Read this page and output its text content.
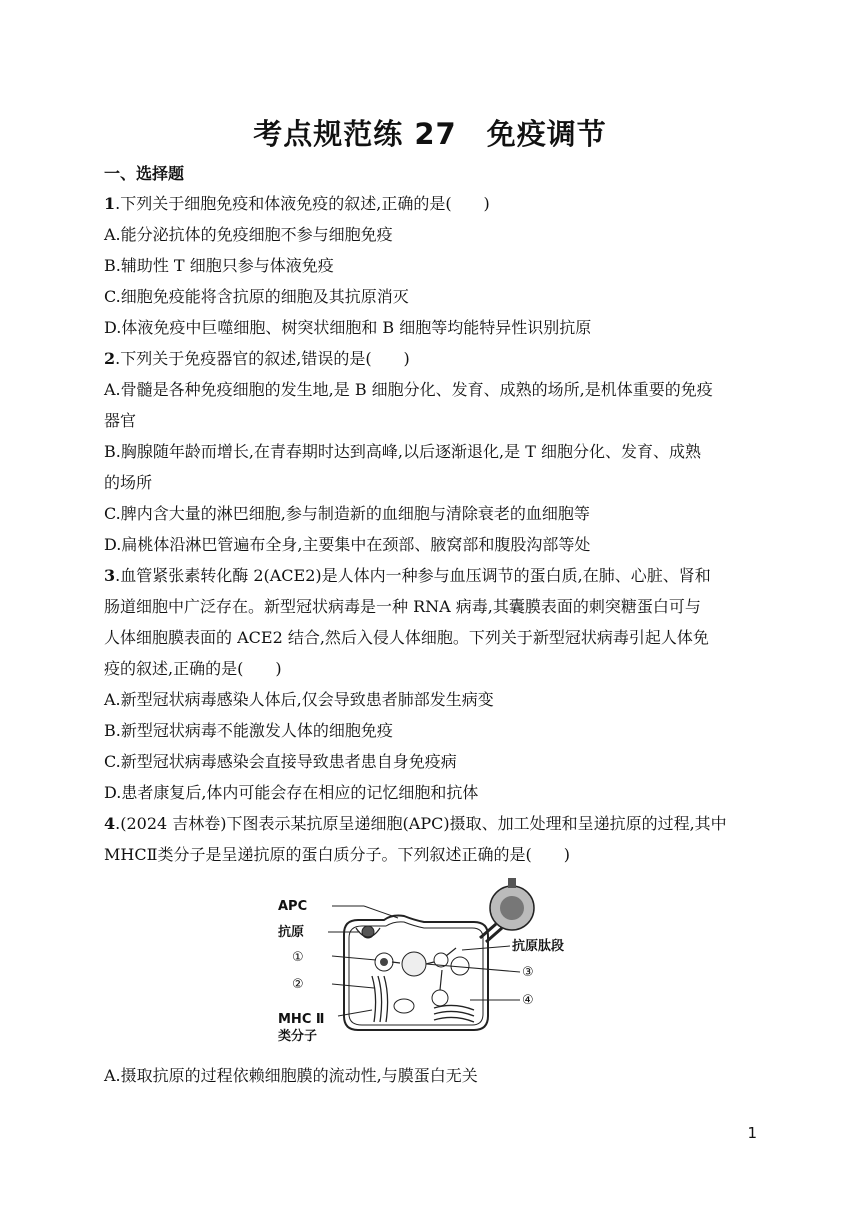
考点规范练 27　免疫调节
一、选择题
1.下列关于细胞免疫和体液免疫的叙述,正确的是(　　)
A.能分泌抗体的免疫细胞不参与细胞免疫
B.辅助性 T 细胞只参与体液免疫
C.细胞免疫能将含抗原的细胞及其抗原消灭
D.体液免疫中巨噬细胞、树突状细胞和 B 细胞等均能特异性识别抗原
2.下列关于免疫器官的叙述,错误的是(　　)
A.骨髓是各种免疫细胞的发生地,是 B 细胞分化、发育、成熟的场所,是机体重要的免疫
器官
B.胸腺随年龄而增长,在青春期时达到高峰,以后逐渐退化,是 T 细胞分化、发育、成熟
的场所
C.脾内含大量的淋巴细胞,参与制造新的血细胞与清除衰老的血细胞等
D.扁桃体沿淋巴管遍布全身,主要集中在颈部、腋窝部和腹股沟部等处
3.血管紧张素转化酶 2(ACE2)是人体内一种参与血压调节的蛋白质,在肺、心脏、肾和
肠道细胞中广泛存在。新型冠状病毒是一种 RNA 病毒,其囊膜表面的刺突糖蛋白可与
人体细胞膜表面的 ACE2 结合,然后入侵人体细胞。下列关于新型冠状病毒引起人体免
疫的叙述,正确的是(　　)
A.新型冠状病毒感染人体后,仅会导致患者肺部发生病变
B.新型冠状病毒不能激发人体的细胞免疫
C.新型冠状病毒感染会直接导致患者患自身免疫病
D.患者康复后,体内可能会存在相应的记忆细胞和抗体
4.(2024 吉林卷)下图表示某抗原呈递细胞(APC)摄取、加工处理和呈递抗原的过程,其中
MHCⅡ类分子是呈递抗原的蛋白质分子。下列叙述正确的是(　　)
APC
抗原
①
②
MHC Ⅱ
类分子
抗原肽段
③
④
A.摄取抗原的过程依赖细胞膜的流动性,与膜蛋白无关
1
